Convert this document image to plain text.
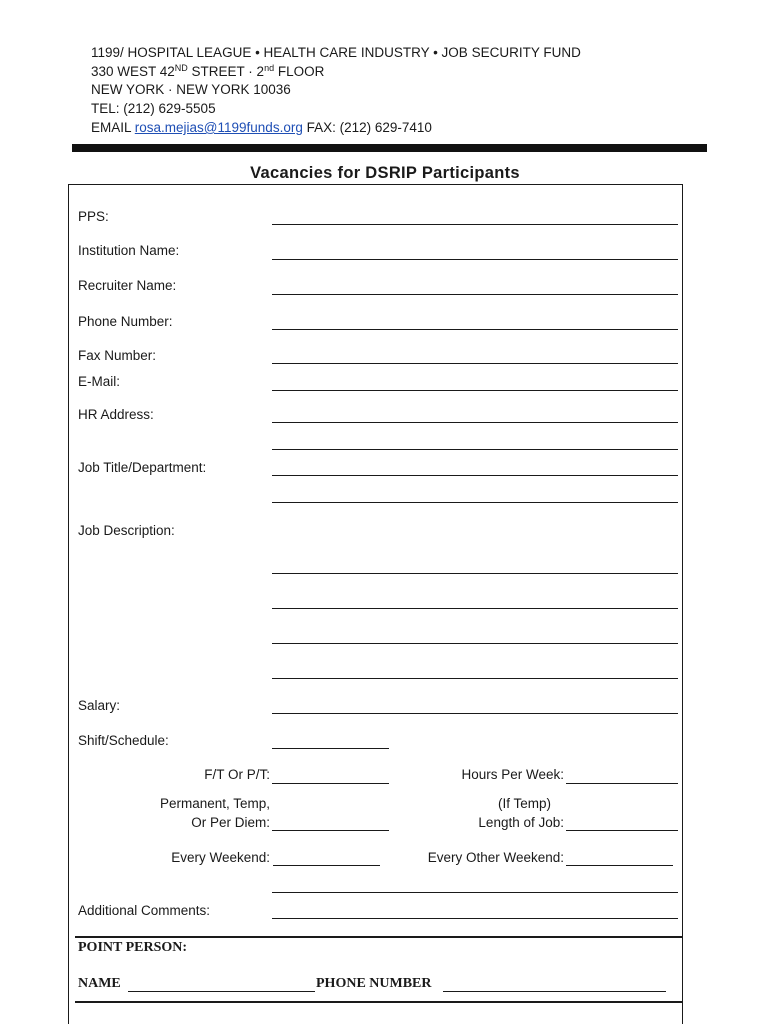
1199/ HOSPITAL LEAGUE • HEALTH CARE INDUSTRY • JOB SECURITY FUND
330 WEST 42ND STREET · 2nd FLOOR
NEW YORK · NEW YORK 10036
TEL: (212) 629-5505
EMAIL rosa.mejias@1199funds.org FAX: (212) 629-7410
Vacancies for DSRIP Participants
PPS:
Institution Name:
Recruiter Name:
Phone Number:
Fax Number:
E-Mail:
HR Address:
Job Title/Department:
Job Description:
Salary:
Shift/Schedule:
F/T Or P/T:	Hours Per Week:
Permanent, Temp,
Or Per Diem:
(If Temp)
Length of Job:
Every Weekend:	Every Other Weekend:
Additional Comments:
POINT PERSON:
NAME	PHONE NUMBER
